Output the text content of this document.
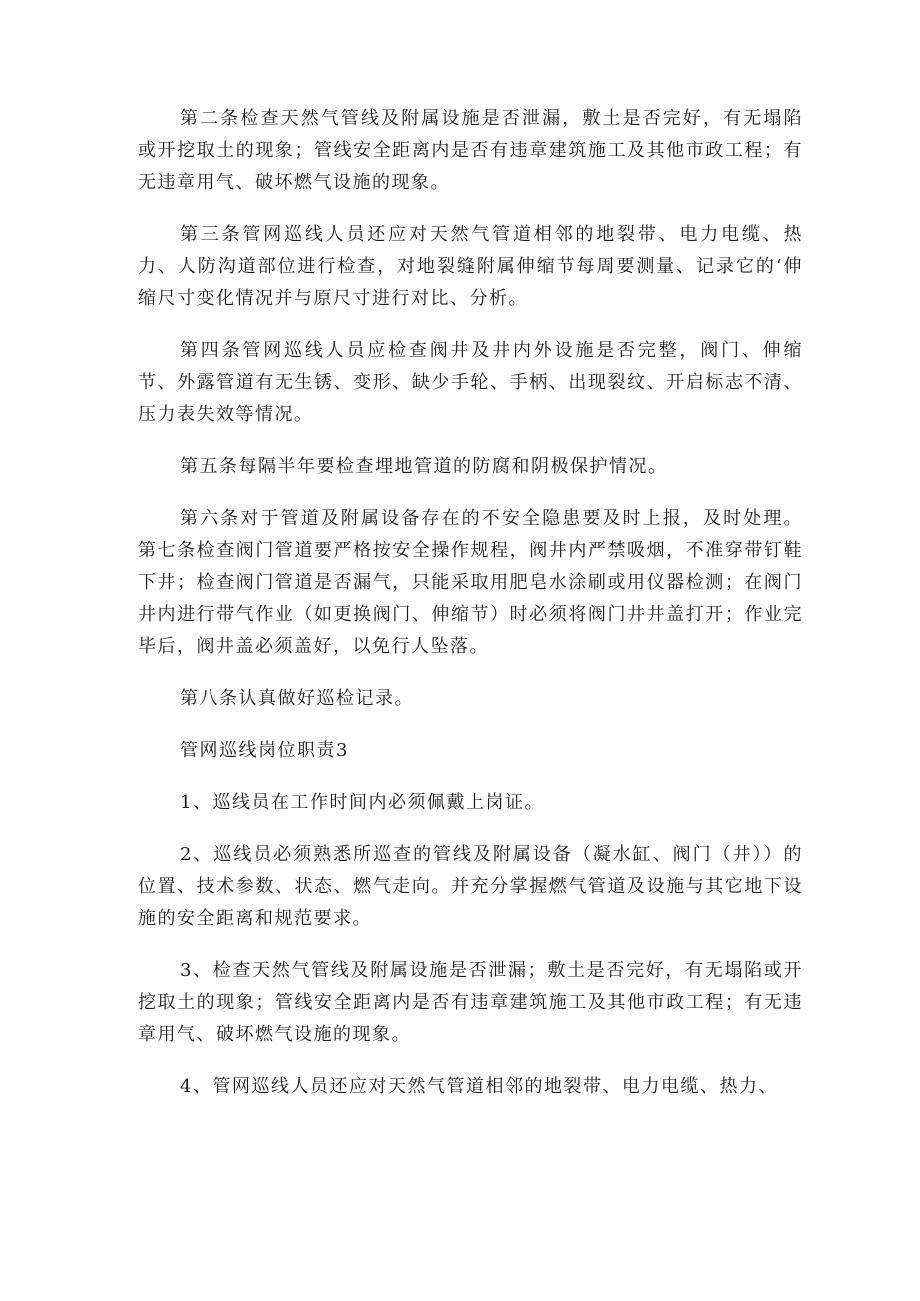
第二条检查天然气管线及附属设施是否泄漏，敷土是否完好，有无塌陷或开挖取土的现象；管线安全距离内是否有违章建筑施工及其他市政工程；有无违章用气、破坏燃气设施的现象。

第三条管网巡线人员还应对天然气管道相邻的地裂带、电力电缆、热力、人防沟道部位进行检查，对地裂缝附属伸缩节每周要测量、记录它的‘伸缩尺寸变化情况并与原尺寸进行对比、分析。

第四条管网巡线人员应检查阀井及井内外设施是否完整，阀门、伸缩节、外露管道有无生锈、变形、缺少手轮、手柄、出现裂纹、开启标志不清、压力表失效等情况。

第五条每隔半年要检查埋地管道的防腐和阴极保护情况。

第六条对于管道及附属设备存在的不安全隐患要及时上报，及时处理。第七条检查阀门管道要严格按安全操作规程，阀井内严禁吸烟，不准穿带钉鞋下井；检查阀门管道是否漏气，只能采取用肥皂水涂刷或用仪器检测；在阀门井内进行带气作业（如更换阀门、伸缩节）时必须将阀门井井盖打开；作业完毕后，阀井盖必须盖好，以免行人坠落。

第八条认真做好巡检记录。

管网巡线岗位职责3

1、巡线员在工作时间内必须佩戴上岗证。

2、巡线员必须熟悉所巡查的管线及附属设备（凝水缸、阀门（井））的位置、技术参数、状态、燃气走向。并充分掌握燃气管道及设施与其它地下设施的安全距离和规范要求。

3、检查天然气管线及附属设施是否泄漏；敷土是否完好，有无塌陷或开挖取土的现象；管线安全距离内是否有违章建筑施工及其他市政工程；有无违章用气、破坏燃气设施的现象。

4、管网巡线人员还应对天然气管道相邻的地裂带、电力电缆、热力、
